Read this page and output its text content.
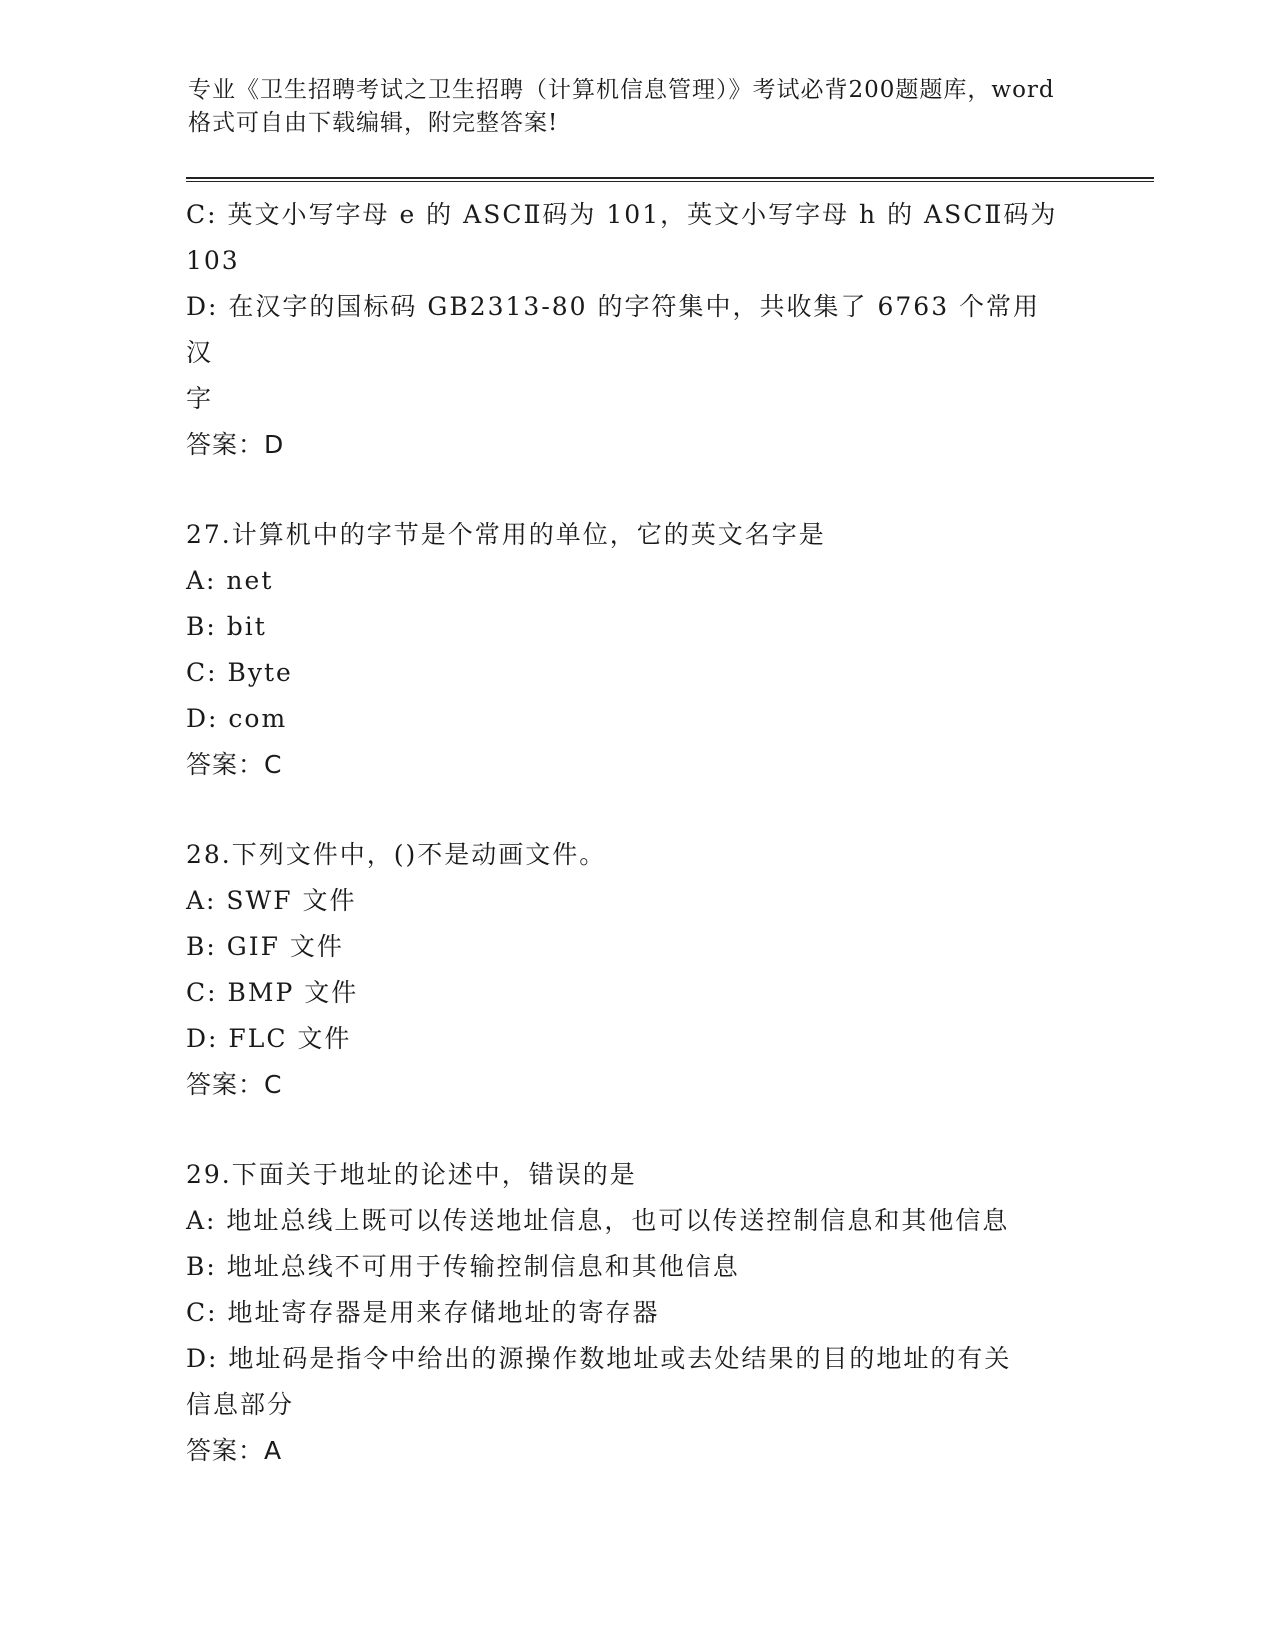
专业《卫生招聘考试之卫生招聘（计算机信息管理）》考试必背200题题库，word
格式可自由下载编辑，附完整答案!
C: 英文小写字母 e 的 ASCⅡ码为 101，英文小写字母 h 的 ASCⅡ码为
103
D: 在汉字的国标码 GB2313-80 的字符集中，共收集了 6763 个常用汉
字
答案：D
27.计算机中的字节是个常用的单位，它的英文名字是
A: net
B: bit
C: Byte
D: com
答案：C
28.下列文件中，()不是动画文件。
A: SWF 文件
B: GIF 文件
C: BMP 文件
D: FLC 文件
答案：C
29.下面关于地址的论述中，错误的是
A: 地址总线上既可以传送地址信息，也可以传送控制信息和其他信息
B: 地址总线不可用于传输控制信息和其他信息
C: 地址寄存器是用来存储地址的寄存器
D: 地址码是指令中给出的源操作数地址或去处结果的目的地址的有关
信息部分
答案：A
